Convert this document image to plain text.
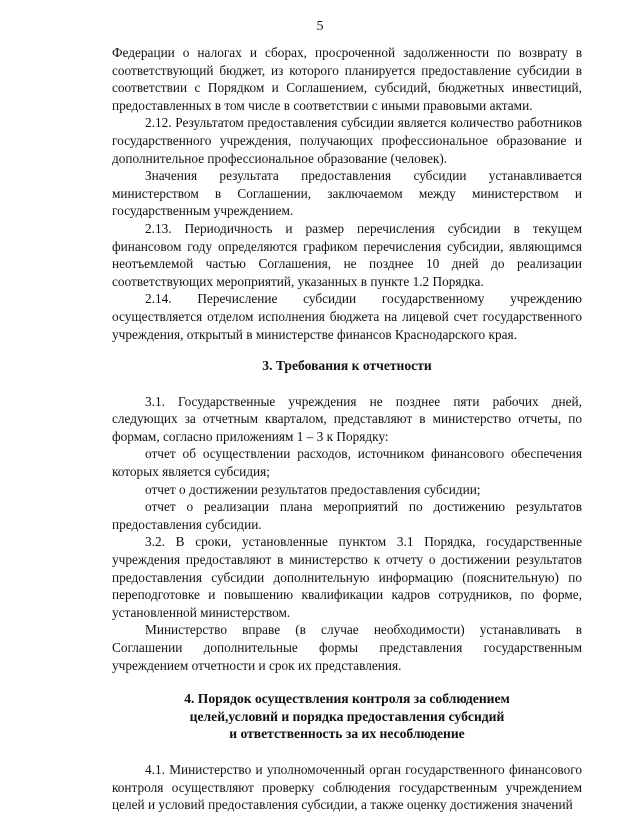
5

Федерации о налогах и сборах, просроченной задолженности по возврату в соответствующий бюджет, из которого планируется предоставление субсидии в соответствии с Порядком и Соглашением, субсидий, бюджетных инвестиций, предоставленных в том числе в соответствии с иными правовыми актами.

2.12. Результатом предоставления субсидии является количество работников государственного учреждения, получающих профессиональное образование и дополнительное профессиональное образование (человек).

Значения результата предоставления субсидии устанавливается министерством в Соглашении, заключаемом между министерством и государственным учреждением.

2.13. Периодичность и размер перечисления субсидии в текущем финансовом году определяются графиком перечисления субсидии, являющимся неотъемлемой частью Соглашения, не позднее 10 дней до реализации соответствующих мероприятий, указанных в пункте 1.2 Порядка.

2.14. Перечисление субсидии государственному учреждению осуществляется отделом исполнения бюджета на лицевой счет государственного учреждения, открытый в министерстве финансов Краснодарского края.

3. Требования к отчетности

3.1. Государственные учреждения не позднее пяти рабочих дней, следующих за отчетным кварталом, представляют в министерство отчеты, по формам, согласно приложениям 1 – 3 к Порядку:

отчет об осуществлении расходов, источником финансового обеспечения которых является субсидия;

отчет о достижении результатов предоставления субсидии;

отчет о реализации плана мероприятий по достижению результатов предоставления субсидии.

3.2. В сроки, установленные пунктом 3.1 Порядка, государственные учреждения предоставляют в министерство к отчету о достижении результатов предоставления субсидии дополнительную информацию (пояснительную) по переподготовке и повышению квалификации кадров сотрудников, по форме, установленной министерством.

Министерство вправе (в случае необходимости) устанавливать в Соглашении дополнительные формы представления государственным учреждением отчетности и срок их представления.

4. Порядок осуществления контроля за соблюдением
целей,условий и порядка предоставления субсидий
и ответственность за их несоблюдение

4.1. Министерство и уполномоченный орган государственного финансового контроля осуществляют проверку соблюдения государственным учреждением целей и условий предоставления субсидии, а также оценку достижения значений
